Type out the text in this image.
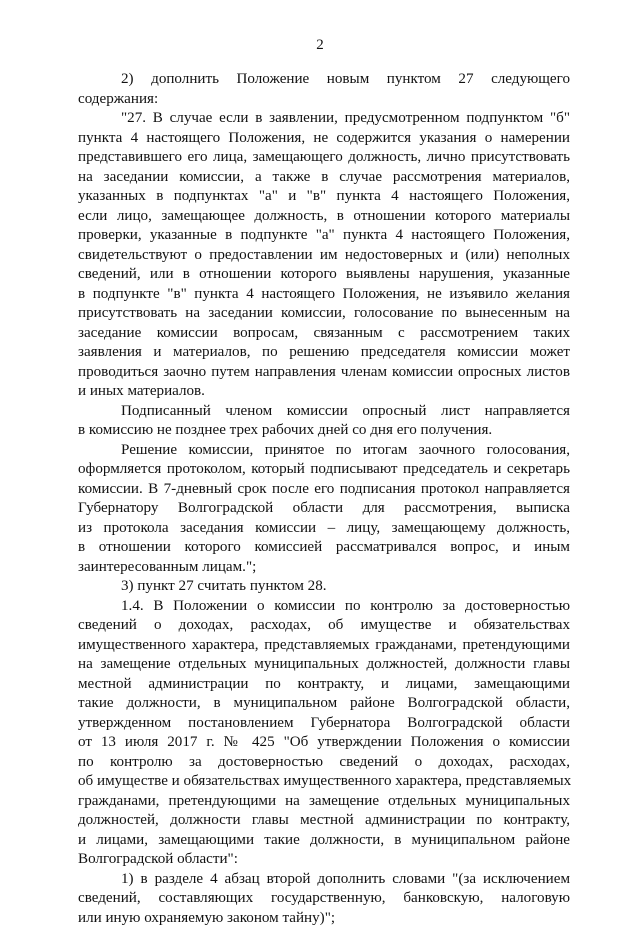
2
2) дополнить Положение новым пунктом 27 следующего
содержания:
"27. В случае если в заявлении, предусмотренном подпунктом "б"
пункта 4 настоящего Положения, не содержится указания о намерении
представившего его лица, замещающего должность, лично присутствовать
на заседании комиссии, а также в случае рассмотрения материалов,
указанных в подпунктах "а" и "в" пункта 4 настоящего Положения,
если лицо, замещающее должность, в отношении которого материалы
проверки, указанные в подпункте "а" пункта 4 настоящего Положения,
свидетельствуют о предоставлении им недостоверных и (или) неполных
сведений, или в отношении которого выявлены нарушения, указанные
в подпункте "в" пункта 4 настоящего Положения, не изъявило желания
присутствовать на заседании комиссии, голосование по вынесенным на
заседание комиссии вопросам, связанным с рассмотрением таких
заявления и материалов, по решению председателя комиссии может
проводиться заочно путем направления членам комиссии опросных листов
и иных материалов.
Подписанный членом комиссии опросный лист направляется
в комиссию не позднее трех рабочих дней со дня его получения.
Решение комиссии, принятое по итогам заочного голосования,
оформляется протоколом, который подписывают председатель и секретарь
комиссии. В 7-дневный срок после его подписания протокол направляется
Губернатору Волгоградской области для рассмотрения, выписка
из протокола заседания комиссии – лицу, замещающему должность,
в отношении которого комиссией рассматривался вопрос, и иным
заинтересованным лицам.";
3) пункт 27 считать пунктом 28.
1.4. В Положении о комиссии по контролю за достоверностью
сведений о доходах, расходах, об имуществе и обязательствах
имущественного характера, представляемых гражданами, претендующими
на замещение отдельных муниципальных должностей, должности главы
местной администрации по контракту, и лицами, замещающими
такие должности, в муниципальном районе Волгоградской области,
утвержденном постановлением Губернатора Волгоградской области
от 13 июля 2017 г. № 425 "Об утверждении Положения о комиссии
по контролю за достоверностью сведений о доходах, расходах,
об имуществе и обязательствах имущественного характера, представляемых
гражданами, претендующими на замещение отдельных муниципальных
должностей, должности главы местной администрации по контракту,
и лицами, замещающими такие должности, в муниципальном районе
Волгоградской области":
1) в разделе 4 абзац второй дополнить словами "(за исключением
сведений, составляющих государственную, банковскую, налоговую
или иную охраняемую законом тайну)";
